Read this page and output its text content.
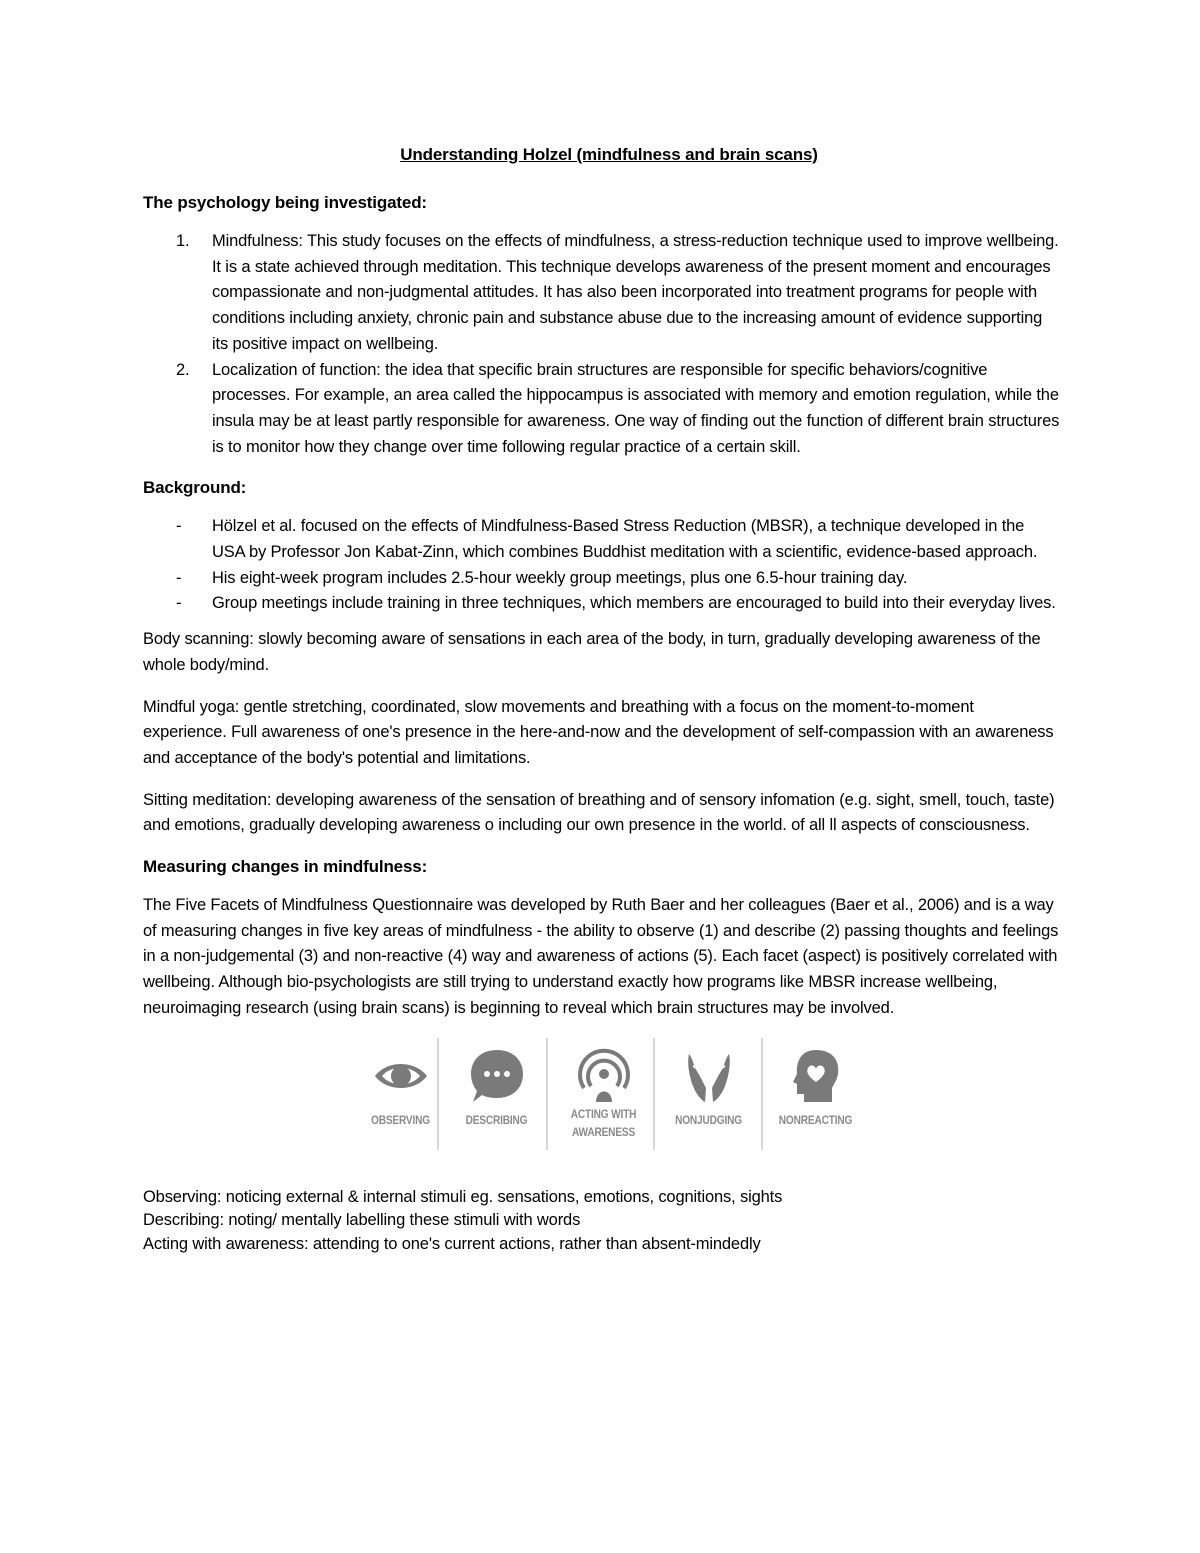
Understanding Holzel (mindfulness and brain scans)
The psychology being investigated:
1. Mindfulness: This study focuses on the effects of mindfulness, a stress-reduction technique used to improve wellbeing. It is a state achieved through meditation. This technique develops awareness of the present moment and encourages compassionate and non-judgmental attitudes. It has also been incorporated into treatment programs for people with conditions including anxiety, chronic pain and substance abuse due to the increasing amount of evidence supporting its positive impact on wellbeing.
2. Localization of function: the idea that specific brain structures are responsible for specific behaviors/cognitive processes. For example, an area called the hippocampus is associated with memory and emotion regulation, while the insula may be at least partly responsible for awareness. One way of finding out the function of different brain structures is to monitor how they change over time following regular practice of a certain skill.
Background:
- Hölzel et al. focused on the effects of Mindfulness-Based Stress Reduction (MBSR), a technique developed in the USA by Professor Jon Kabat-Zinn, which combines Buddhist meditation with a scientific, evidence-based approach.
- His eight-week program includes 2.5-hour weekly group meetings, plus one 6.5-hour training day.
- Group meetings include training in three techniques, which members are encouraged to build into their everyday lives.
Body scanning: slowly becoming aware of sensations in each area of the body, in turn, gradually developing awareness of the whole body/mind.
Mindful yoga: gentle stretching, coordinated, slow movements and breathing with a focus on the moment-to-moment experience. Full awareness of one's presence in the here-and-now and the development of self-compassion with an awareness and acceptance of the body's potential and limitations.
Sitting meditation: developing awareness of the sensation of breathing and of sensory infomation (e.g. sight, smell, touch, taste) and emotions, gradually developing awareness o including our own presence in the world. of all ll aspects of consciousness.
Measuring changes in mindfulness:
The Five Facets of Mindfulness Questionnaire was developed by Ruth Baer and her colleagues (Baer et al., 2006) and is a way of measuring changes in five key areas of mindfulness - the ability to observe (1) and describe (2) passing thoughts and feelings in a non-judgemental (3) and non-reactive (4) way and awareness of actions (5). Each facet (aspect) is positively correlated with wellbeing. Although bio-psychologists are still trying to understand exactly how programs like MBSR increase wellbeing, neuroimaging research (using brain scans) is beginning to reveal which brain structures may be involved.
OBSERVING	DESCRIBING	ACTING WITH
AWARENESS
NONJUDGING	NONREACTING
Observing: noticing external & internal stimuli eg. sensations, emotions, cognitions, sights
Describing: noting/ mentally labelling these stimuli with words
Acting with awareness: attending to one's current actions, rather than absent-mindedly
